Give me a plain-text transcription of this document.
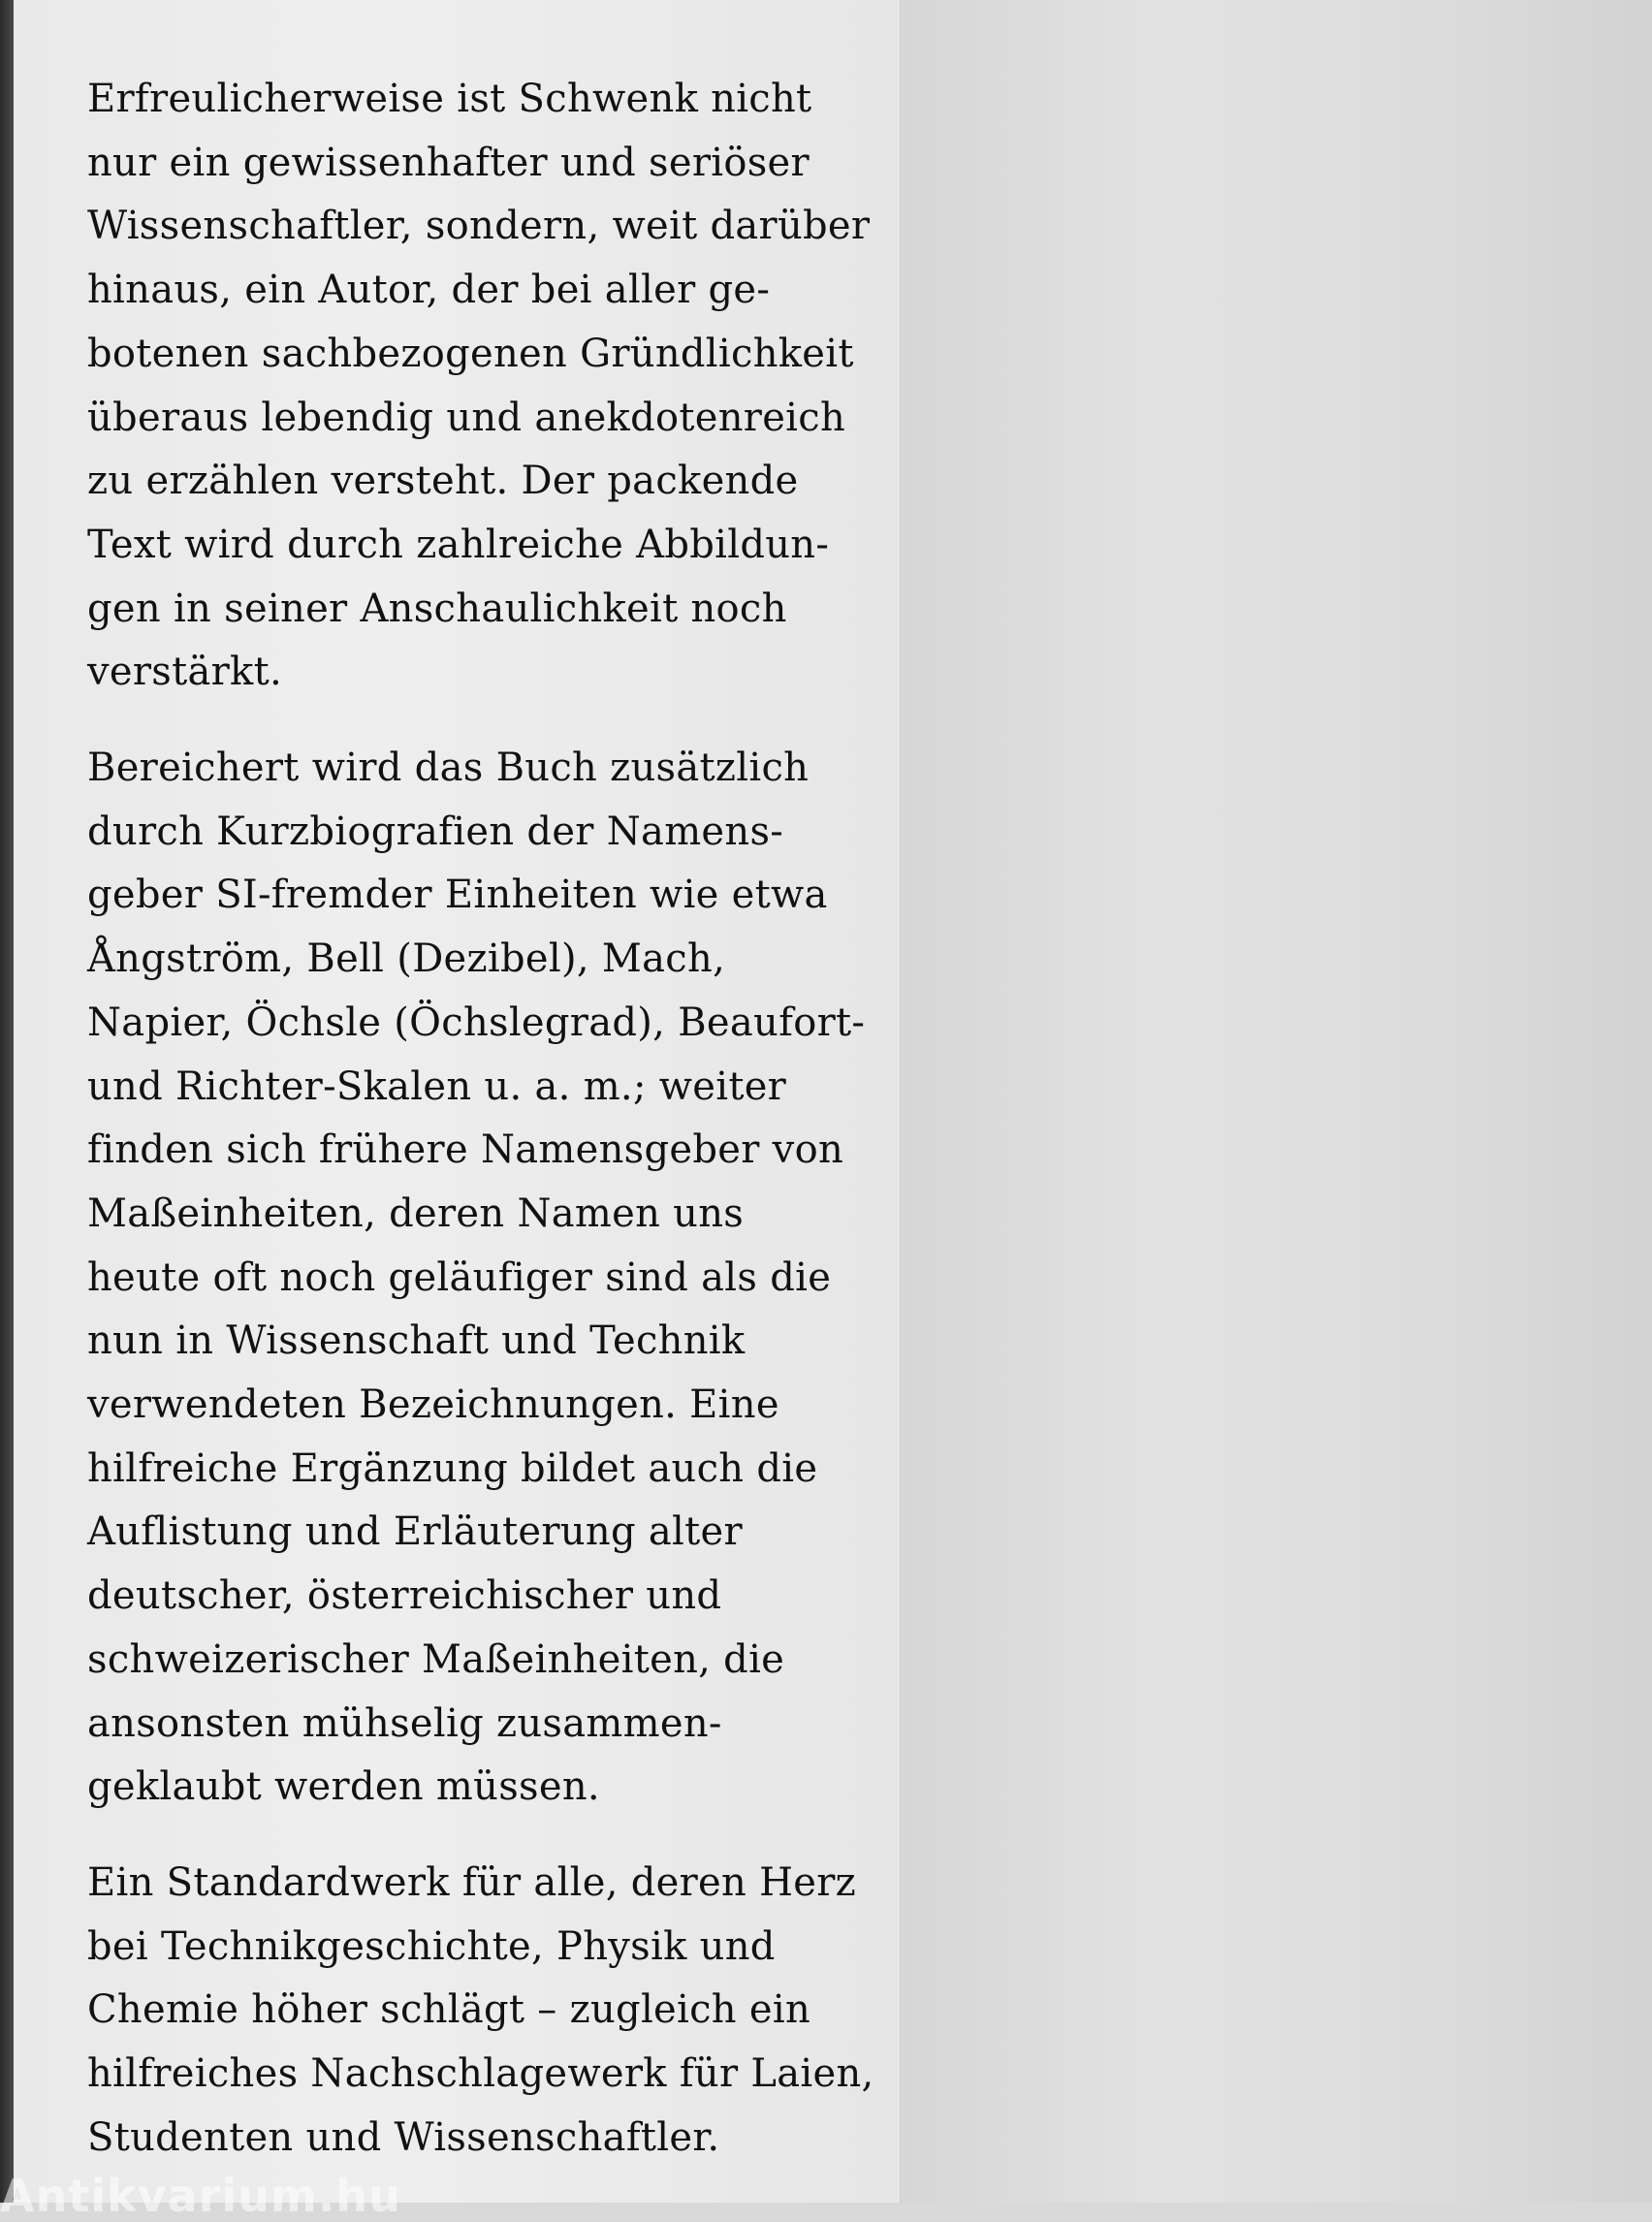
Erfreulicherweise ist Schwenk nicht
nur ein gewissenhafter und seriöser
Wissenschaftler, sondern, weit darüber
hinaus, ein Autor, der bei aller ge-
botenen sachbezogenen Gründlichkeit
überaus lebendig und anekdotenreich
zu erzählen versteht. Der packende
Text wird durch zahlreiche Abbildun-
gen in seiner Anschaulichkeit noch
verstärkt.

Bereichert wird das Buch zusätzlich
durch Kurzbiografien der Namens-
geber SI-fremder Einheiten wie etwa
Ångström, Bell (Dezibel), Mach,
Napier, Öchsle (Öchslegrad), Beaufort-
und Richter-Skalen u. a. m.; weiter
finden sich frühere Namensgeber von
Maßeinheiten, deren Namen uns
heute oft noch geläufiger sind als die
nun in Wissenschaft und Technik
verwendeten Bezeichnungen. Eine
hilfreiche Ergänzung bildet auch die
Auflistung und Erläuterung alter
deutscher, österreichischer und
schweizerischer Maßeinheiten, die
ansonsten mühselig zusammen-
geklaubt werden müssen.

Ein Standardwerk für alle, deren Herz
bei Technikgeschichte, Physik und
Chemie höher schlägt – zugleich ein
hilfreiches Nachschlagewerk für Laien,
Studenten und Wissenschaftler.

Antikvarium.hu
